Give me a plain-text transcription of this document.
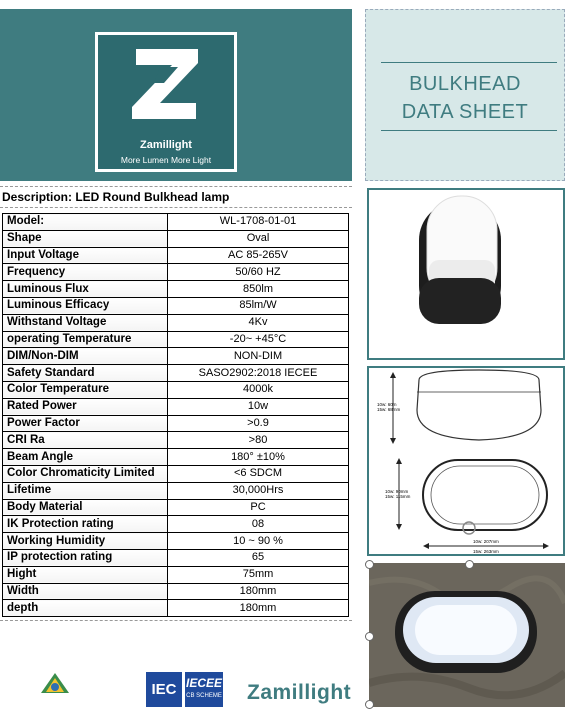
Zamillight
More Lumen More Light
BULKHEAD
DATA SHEET
Description: LED Round Bulkhead lamp
Model:	WL-1708-01-01
Shape	Oval
Input Voltage	AC 85-265V
Frequency	50/60 HZ
Luminous Flux	850lm
Luminous Efficacy	85lm/W
Withstand Voltage	4Kv
operating Temperature	-20~ +45°C
DIM/Non-DIM	NON-DIM
Safety Standard	SASO2902:2018 IECEE
Color Temperature	4000k
Rated Power	10w
Power Factor	>0.9
CRI Ra	>80
Beam Angle	180° ±10%
Color Chromaticity Limited	<6 SDCM
Lifetime	30,000Hrs
Body Material	PC
IK Protection rating	08
Working Humidity	10 ~ 90 %
IP protection rating	65
Hight	75mm
Width	180mm
depth	180mm
10w: 60m
15w: 68mm
10w: 90mm
15w: 115mm
10w: 207mm
15w: 263mm

IEC IECEE
CB SCHEME Zamillight
